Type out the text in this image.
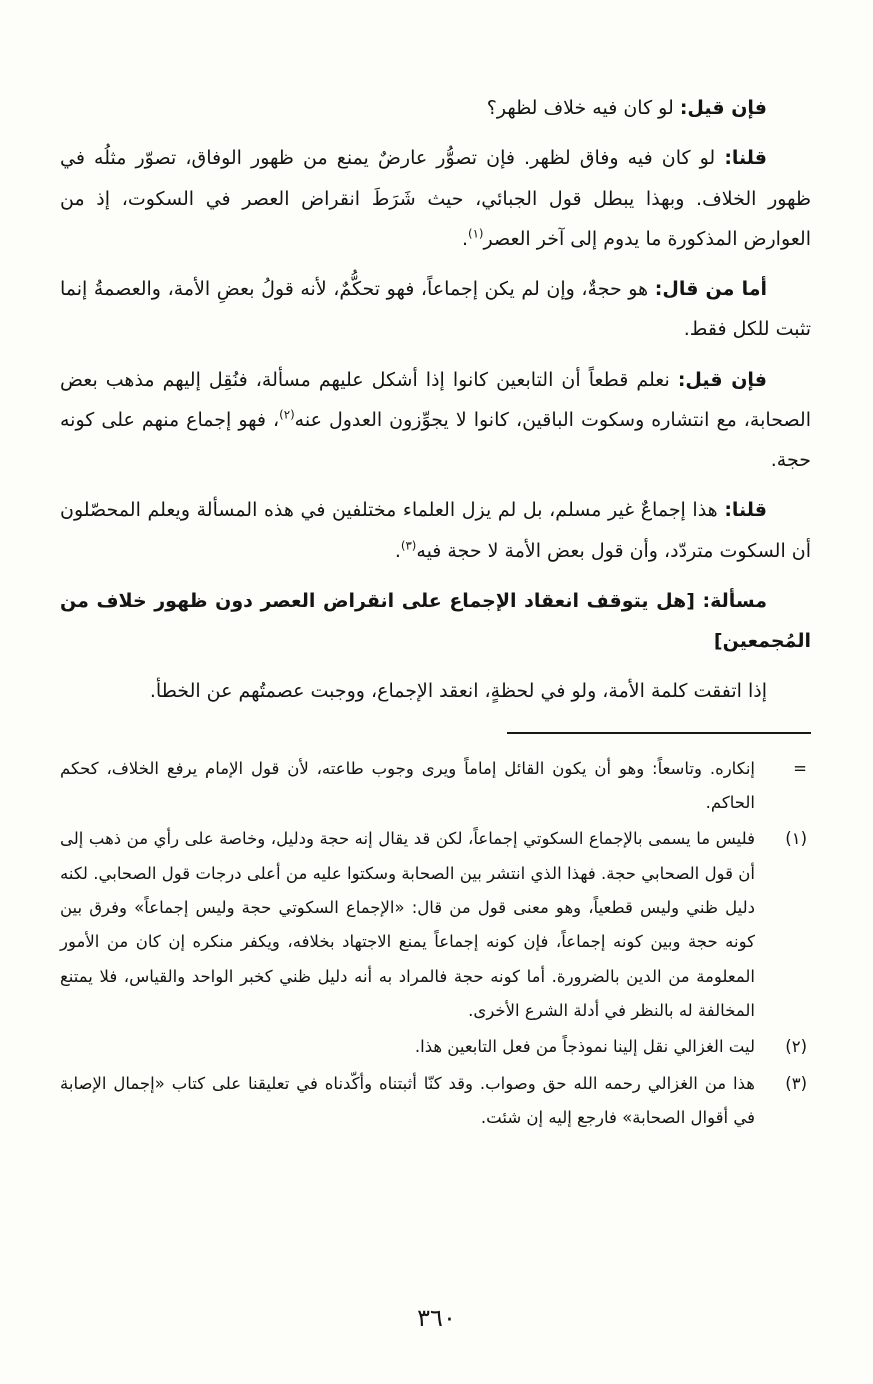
فإن قيل: لو كان فيه خلاف لظهر؟

قلنا: لو كان فيه وفاق لظهر. فإن تصوُّر عارضٌ يمنع من ظهور الوفاق، تصوّر مثلُه في ظهور الخلاف. وبهذا يبطل قول الجبائي، حيث شَرَطَ انقراض العصر في السكوت، إذ من العوارض المذكورة ما يدوم إلى آخر العصر$^{(١)}$.

أما من قال: هو حجةٌ، وإن لم يكن إجماعاً، فهو تحكُّمٌ، لأنه قولُ بعضِ الأمة، والعصمةُ إنما تثبت للكل فقط.

فإن قيل: نعلم قطعاً أن التابعين كانوا إذا أشكل عليهم مسألة، فنُقِل إليهم مذهب بعض الصحابة، مع انتشاره وسكوت الباقين، كانوا لا يجوِّزون العدول عنه$^{(٢)}$، فهو إجماع منهم على كونه حجة.

قلنا: هذا إجماعٌ غير مسلم، بل لم يزل العلماء مختلفين في هذه المسألة ويعلم المحصّلون أن السكوت متردّد، وأن قول بعض الأمة لا حجة فيه$^{(٣)}$.

مسألة: [هل يتوقف انعقاد الإجماع على انقراض العصر دون ظهور خلاف من المُجمعين]

إذا اتفقت كلمة الأمة، ولو في لحظةٍ، انعقد الإجماع، ووجبت عصمتُهم عن الخطأ.

=
إنكاره. وتاسعاً: وهو أن يكون القائل إماماً ويرى وجوب طاعته، لأن قول الإمام يرفع الخلاف، كحكم الحاكم.
(١)
فليس ما يسمى بالإجماع السكوتي إجماعاً، لكن قد يقال إنه حجة ودليل، وخاصة على رأي من ذهب إلى أن قول الصحابي حجة. فهذا الذي انتشر بين الصحابة وسكتوا عليه من أعلى درجات قول الصحابي. لكنه دليل ظني وليس قطعياً، وهو معنى قول من قال: «الإجماع السكوتي حجة وليس إجماعاً» وفرق بين كونه حجة وبين كونه إجماعاً، فإن كونه إجماعاً يمنع الاجتهاد بخلافه، ويكفر منكره إن كان من الأمور المعلومة من الدين بالضرورة. أما كونه حجة فالمراد به أنه دليل ظني كخبر الواحد والقياس، فلا يمتنع المخالفة له بالنظر في أدلة الشرع الأخرى.
(٢)
ليت الغزالي نقل إلينا نموذجاً من فعل التابعين هذا.
(٣)
هذا من الغزالي رحمه الله حق وصواب. وقد كنّا أثبتناه وأكّدناه في تعليقنا على كتاب «إجمال الإصابة في أقوال الصحابة» فارجع إليه إن شئت.
٣٦٠
